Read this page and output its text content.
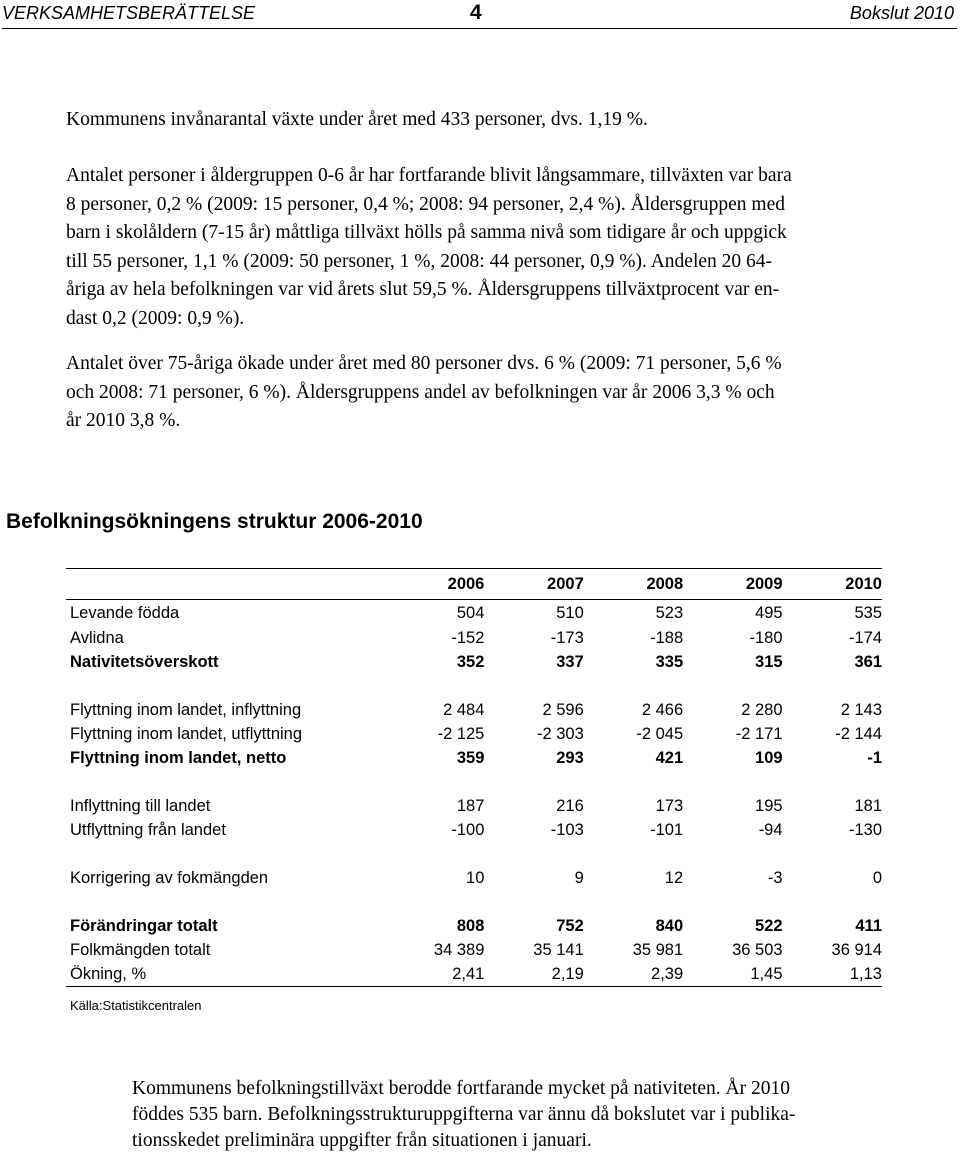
VERKSAMHETSBERÄTTELSE	4	Bokslut 2010
Kommunens invånarantal växte under året med 433 personer, dvs. 1,19 %.
Antalet personer i åldergruppen 0-6 år har fortfarande blivit långsammare, tillväxten var bara
8 personer, 0,2 % (2009: 15 personer, 0,4 %; 2008: 94 personer, 2,4 %). Åldersgruppen med
barn i skolåldern (7-15 år) måttliga tillväxt hölls på samma nivå som tidigare år och uppgick
till 55 personer, 1,1 % (2009: 50 personer, 1 %, 2008: 44 personer, 0,9 %). Andelen 20 64-
åriga av hela befolkningen var vid årets slut 59,5 %. Åldersgruppens tillväxtprocent var en-
dast 0,2 (2009: 0,9 %).
Antalet över 75-åriga ökade under året med 80 personer dvs. 6 % (2009: 71 personer, 5,6 %
och 2008: 71 personer, 6 %). Åldersgruppens andel av befolkningen var år 2006 3,3 % och
år 2010 3,8 %.
Befolkningsökningens struktur 2006-2010
	2006	2007	2008	2009	2010
Levande födda	504	510	523	495	535
Avlidna	-152	-173	-188	-180	-174
Nativitetsöverskott	352	337	335	315	361

Flyttning inom landet, inflyttning	2 484	2 596	2 466	2 280	2 143
Flyttning inom landet, utflyttning	-2 125	-2 303	-2 045	-2 171	-2 144
Flyttning inom landet, netto	359	293	421	109	-1

Inflyttning till landet	187	216	173	195	181
Utflyttning från landet	-100	-103	-101	-94	-130

Korrigering av fokmängden	10	9	12	-3	0

Förändringar totalt	808	752	840	522	411
Folkmängden totalt	34 389	35 141	35 981	36 503	36 914
Ökning, %	2,41	2,19	2,39	1,45	1,13
Källa:Statistikcentralen
Kommunens befolkningstillväxt berodde fortfarande mycket på nativiteten. År 2010
föddes 535 barn. Befolkningsstrukturuppgifterna var ännu då bokslutet var i publika-
tionsskedet preliminära uppgifter från situationen i januari.
